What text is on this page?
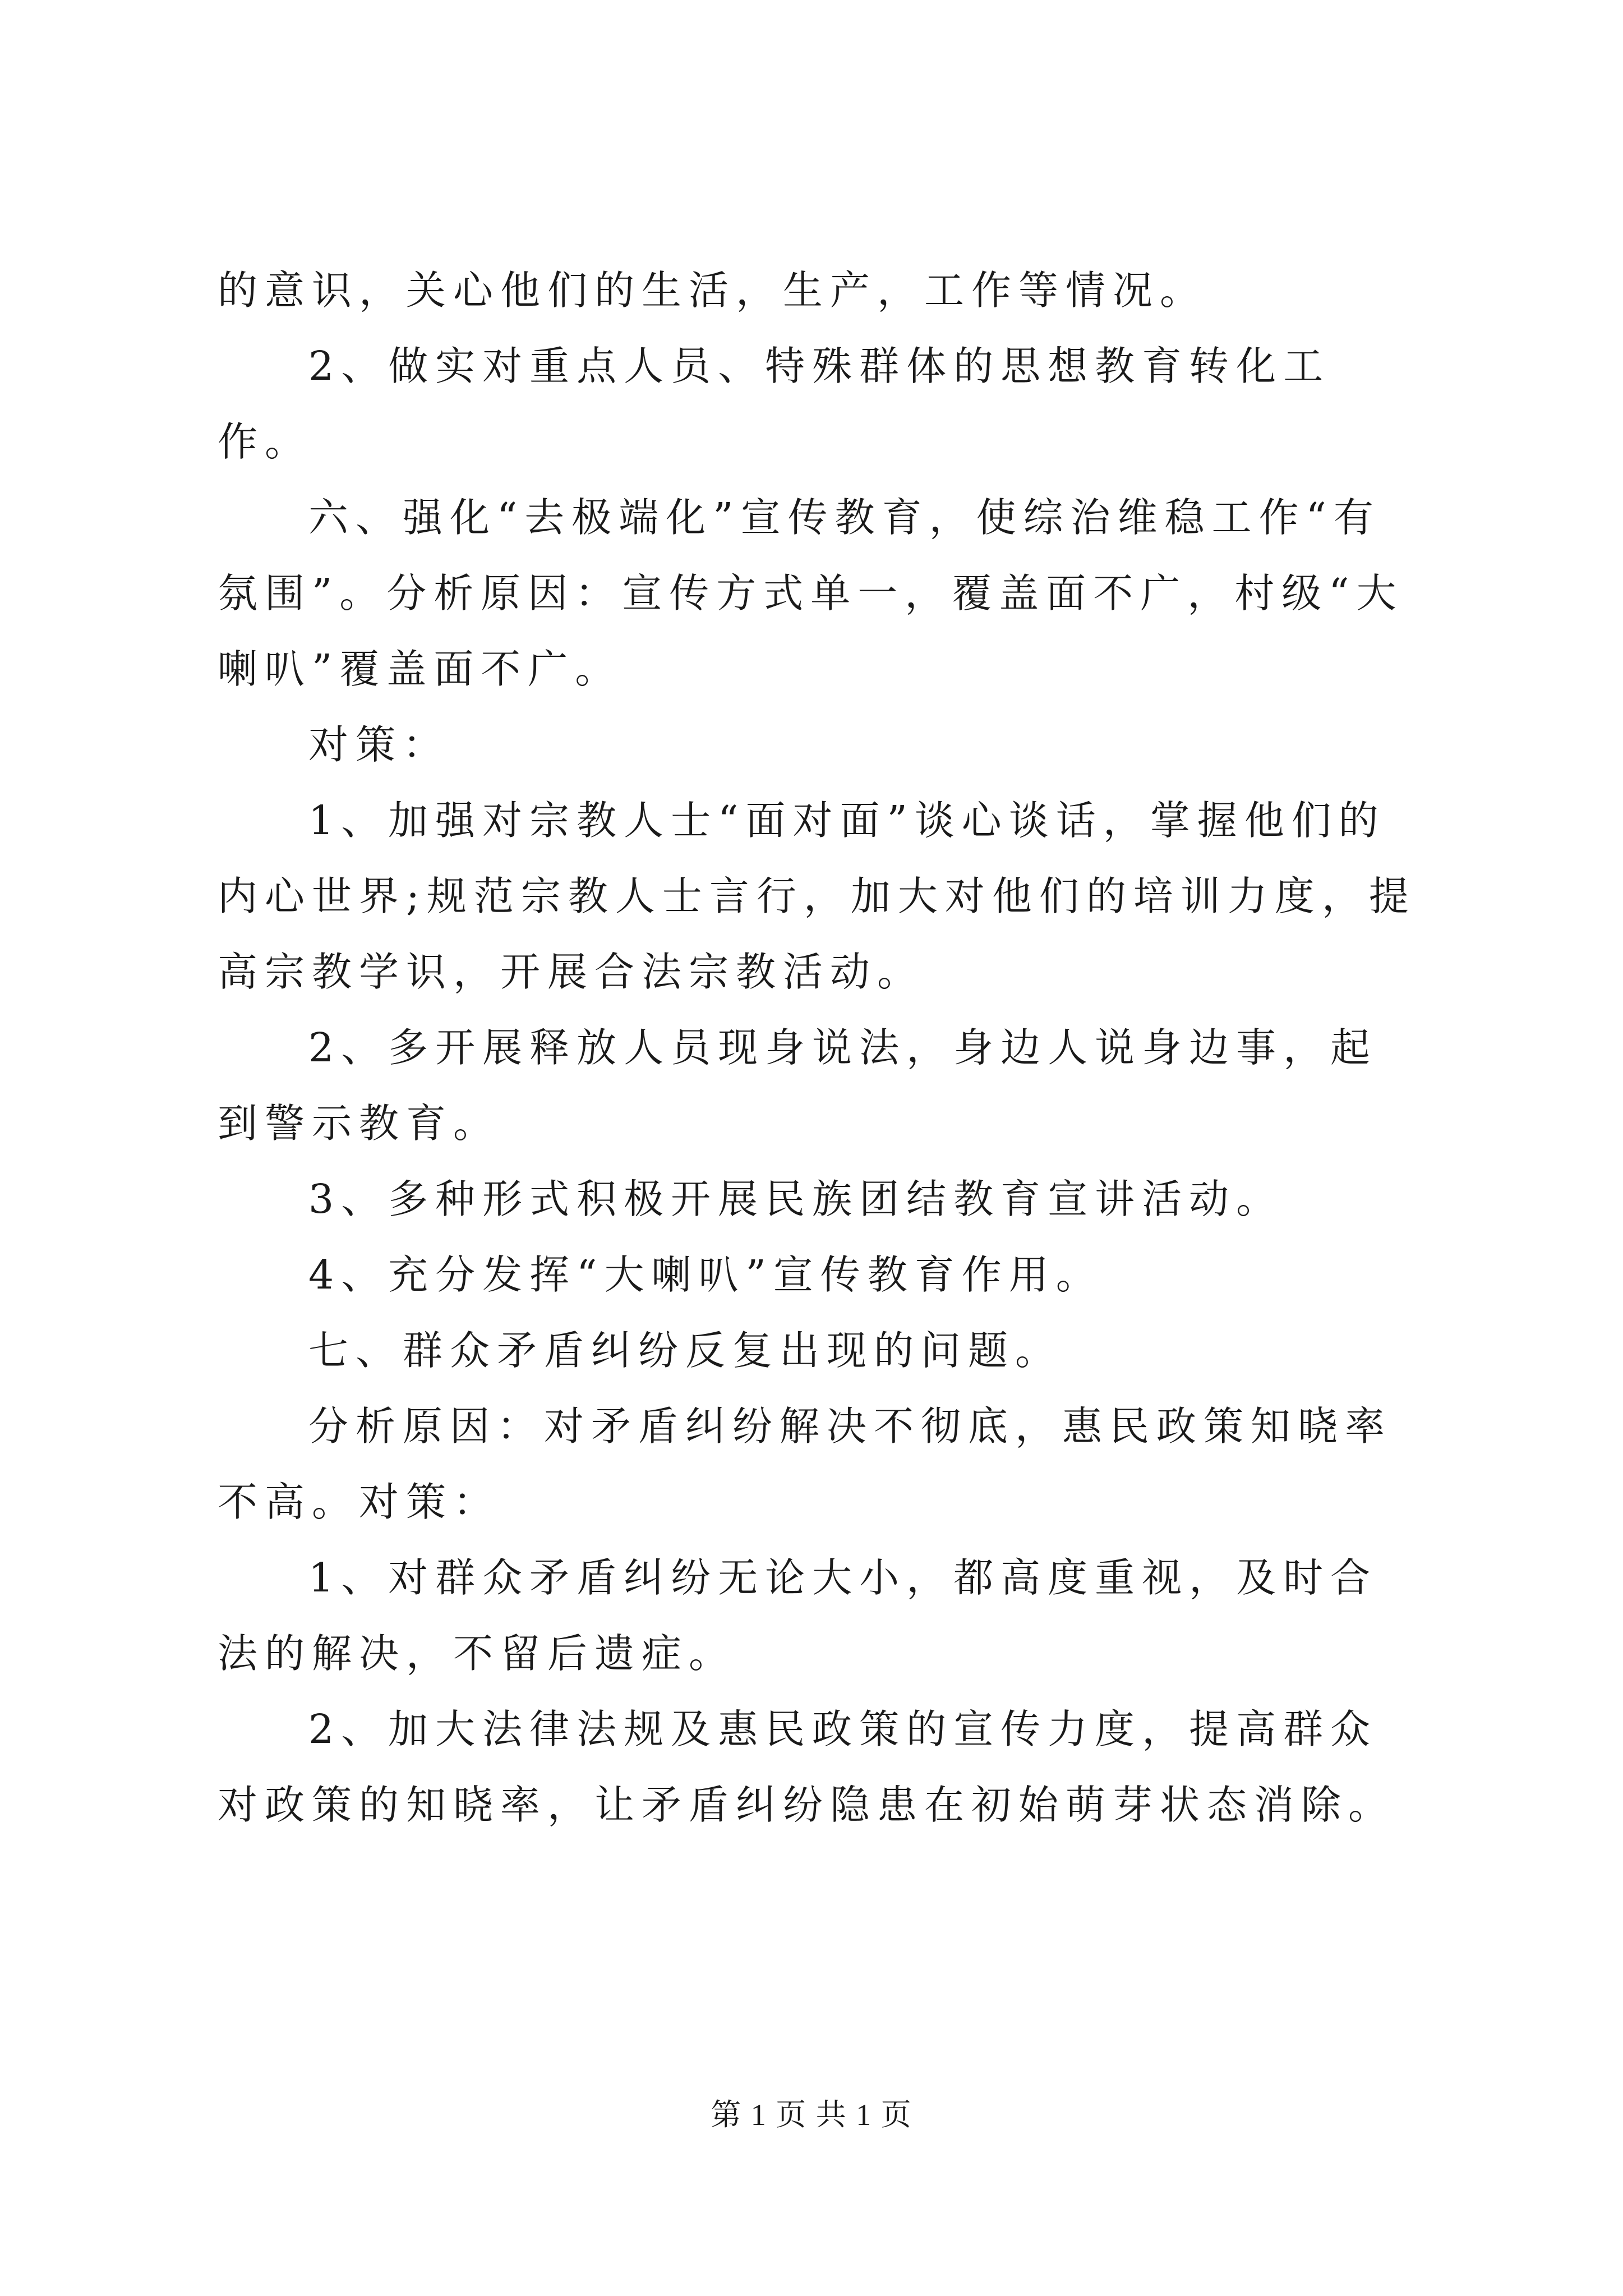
的意识，关心他们的生活，生产，工作等情况。

2、做实对重点人员、特殊群体的思想教育转化工作。

六、强化“去极端化”宣传教育，使综治维稳工作“有氛围”。分析原因：宣传方式单一，覆盖面不广，村级“大喇叭”覆盖面不广。

对策：

1、加强对宗教人士“面对面”谈心谈话，掌握他们的内心世界;规范宗教人士言行，加大对他们的培训力度，提高宗教学识，开展合法宗教活动。

2、多开展释放人员现身说法，身边人说身边事，起到警示教育。

3、多种形式积极开展民族团结教育宣讲活动。

4、充分发挥“大喇叭”宣传教育作用。

七、群众矛盾纠纷反复出现的问题。

分析原因：对矛盾纠纷解决不彻底，惠民政策知晓率不高。对策：

1、对群众矛盾纠纷无论大小，都高度重视，及时合法的解决，不留后遗症。

2、加大法律法规及惠民政策的宣传力度，提高群众对政策的知晓率，让矛盾纠纷隐患在初始萌芽状态消除。

第 1 页 共 1 页
